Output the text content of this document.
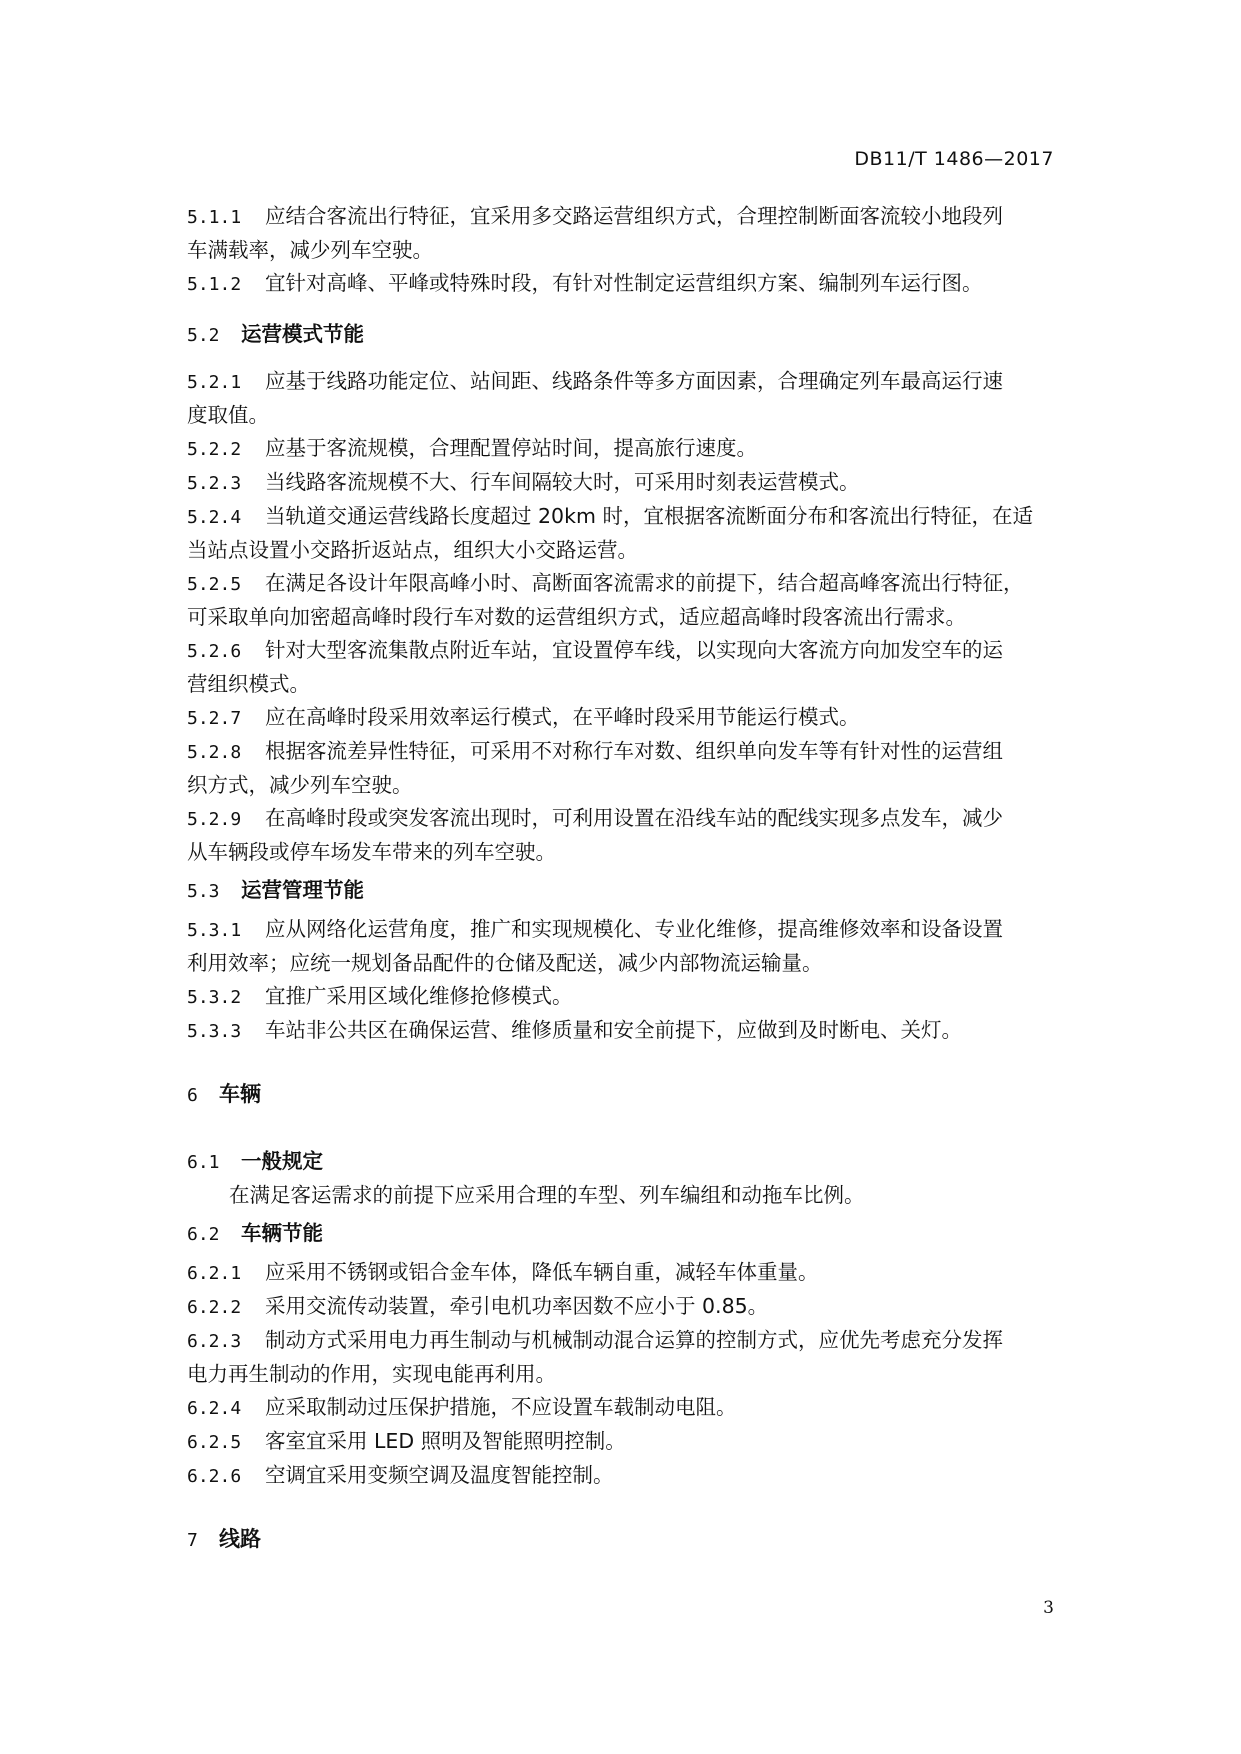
DB11/T 1486—2017
5.1.1 应结合客流出行特征，宜采用多交路运营组织方式，合理控制断面客流较小地段列
车满载率，减少列车空驶。
5.1.2 宜针对高峰、平峰或特殊时段，有针对性制定运营组织方案、编制列车运行图。
5.2 运营模式节能
5.2.1 应基于线路功能定位、站间距、线路条件等多方面因素，合理确定列车最高运行速
度取值。
5.2.2 应基于客流规模，合理配置停站时间，提高旅行速度。
5.2.3 当线路客流规模不大、行车间隔较大时，可采用时刻表运营模式。
5.2.4 当轨道交通运营线路长度超过 20km 时，宜根据客流断面分布和客流出行特征，在适
当站点设置小交路折返站点，组织大小交路运营。
5.2.5 在满足各设计年限高峰小时、高断面客流需求的前提下，结合超高峰客流出行特征，
可采取单向加密超高峰时段行车对数的运营组织方式，适应超高峰时段客流出行需求。
5.2.6 针对大型客流集散点附近车站，宜设置停车线，以实现向大客流方向加发空车的运
营组织模式。
5.2.7 应在高峰时段采用效率运行模式，在平峰时段采用节能运行模式。
5.2.8 根据客流差异性特征，可采用不对称行车对数、组织单向发车等有针对性的运营组
织方式，减少列车空驶。
5.2.9 在高峰时段或突发客流出现时，可利用设置在沿线车站的配线实现多点发车，减少
从车辆段或停车场发车带来的列车空驶。
5.3 运营管理节能
5.3.1 应从网络化运营角度，推广和实现规模化、专业化维修，提高维修效率和设备设置
利用效率；应统一规划备品配件的仓储及配送，减少内部物流运输量。
5.3.2 宜推广采用区域化维修抢修模式。
5.3.3 车站非公共区在确保运营、维修质量和安全前提下，应做到及时断电、关灯。
6 车辆
6.1 一般规定
在满足客运需求的前提下应采用合理的车型、列车编组和动拖车比例。
6.2 车辆节能
6.2.1 应采用不锈钢或铝合金车体，降低车辆自重，减轻车体重量。
6.2.2 采用交流传动装置，牵引电机功率因数不应小于 0.85。
6.2.3 制动方式采用电力再生制动与机械制动混合运算的控制方式，应优先考虑充分发挥
电力再生制动的作用，实现电能再利用。
6.2.4 应采取制动过压保护措施，不应设置车载制动电阻。
6.2.5 客室宜采用 LED 照明及智能照明控制。
6.2.6 空调宜采用变频空调及温度智能控制。
7 线路
3
